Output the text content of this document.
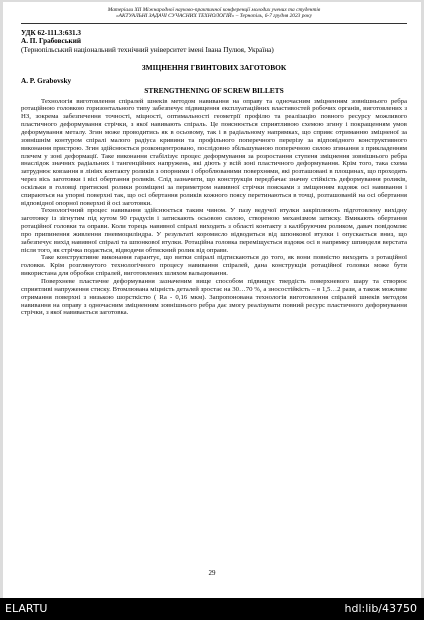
Матеріали XII Міжнародної науково-практичної конференції молодих учених та студентів
«АКТУАЛЬНІ ЗАДАЧІ СУЧАСНИХ ТЕХНОЛОГІЙ» – Тернопіль, 6-7 грудня 2023 року
УДК 62-111.3:631.3
А. П. Грабовський
(Тернопільський національний технічний університет імені Івана Пулюя, Україна)
ЗМІЦНЕННЯ ГВИНТОВИХ ЗАГОТОВОК
A. P. Grabovsky
STRENGTHENING OF SCREW BILLETS

Технологія виготовлення спіралей шнеків методом навивання на оправу та одночасним зміцненням зовнішнього ребра ротаційною головкою горизонтального типу забезпечує підвищення експлуатаційних властивостей робочих органів, виготовлених з НЗ, зокрема забезпечення точності, міцності, оптимальності геометрії профілю та реалізацію повного ресурсу можливого пластичного деформування стрічки, з якої навивають спіраль. Це пояснюється сприятливою схемою згину і покращенням умов деформування металу. Згин може проводитись як в осьовому, так і в радіальному напрямках, що сприяє отриманню зміцненої за зовнішнім контуром спіралі малого радіуса кривини та профільного поперечного перерізу за відповідного конструктивного виконання пристрою. Згин здійснюється розконцентровано, послідовно збільшуваною поперечною силою згинання з прикладенням плечем у зоні деформації. Таке виконання стабілізує процес деформування за розростання ступеня зміцнення зовнішнього ребра внаслідок значних радіальних і тангенційних напружень, які діють у всій зоні пластичного деформування. Крім того, така схема затруднює ковзання в лініях контакту роликів з опорними і оброблюваними поверхнями, які розташовані в площинах, що проходять через вісь заготовки і вісі обертання роликів. Слід зазначити, що конструкція передбачає значну стійкість деформування роликів, оскільки в головці притискні ролики розміщені за периметром навивної стрічки поясками з зміщенням вздовж осі навивання і спираються на упорні поверхні так, що осі обертання роликів кожного поясу перетинаються в точці, розташованій на осі обертання відповідної опорної поверхні й осі заготовки.

Технологічний процес навивання здійснюється таким чином. У пазу ведучої втулки закріплюють підготовлену вихідну заготовку із зігнутим під кутом 90 градусів і затискають осьовою силою, створеною механізмом затиску. Вмикають обертання ротаційної головки та оправи. Коли торець навивної спіралі виходить з області контакту з калібруючим роликом, давач повідомляє про припинення живлення пневмоциліндра. У результаті коромисло відводиться від шпонкової втулки і опускається вниз, що забезпечує вихід навивної спіралі та шпонкової втулки. Ротаційна головка переміщується вздовж осі в напрямку шпинделя верстата після того, як стрічка подається, відводячи обтискний ролик від оправи.

Таке конструктивне виконання гарантує, що витки спіралі підтискаються до того, як вони повністю виходять з ротаційної головки. Крім розглянутого технологічного процесу навивання спіралей, дана конструкція ротаційної головки може бути використана для обробки спіралей, виготовлених шляхом вальцювання.

Поверхневе пластичне деформування зазначеним вище способом підвищує твердість поверхневого шару та створює сприятливі напруження стиску. Втомлювана міцність деталей зростає на 30…70 %, а зносостійкість – в 1,5…2 рази, а також можливе отримання поверхні з низькою шорсткістю ( Ra - 0,16 мкм). Запропонована технологія виготовлення спіралей шнеків методом навивання на оправу з одночасним зміцненням зовнішнього ребра дає змогу реалізувати повний ресурс пластичного деформування стрічки, з якої навивається заготовка.

29
ELARTU	hdl:lib/43750
